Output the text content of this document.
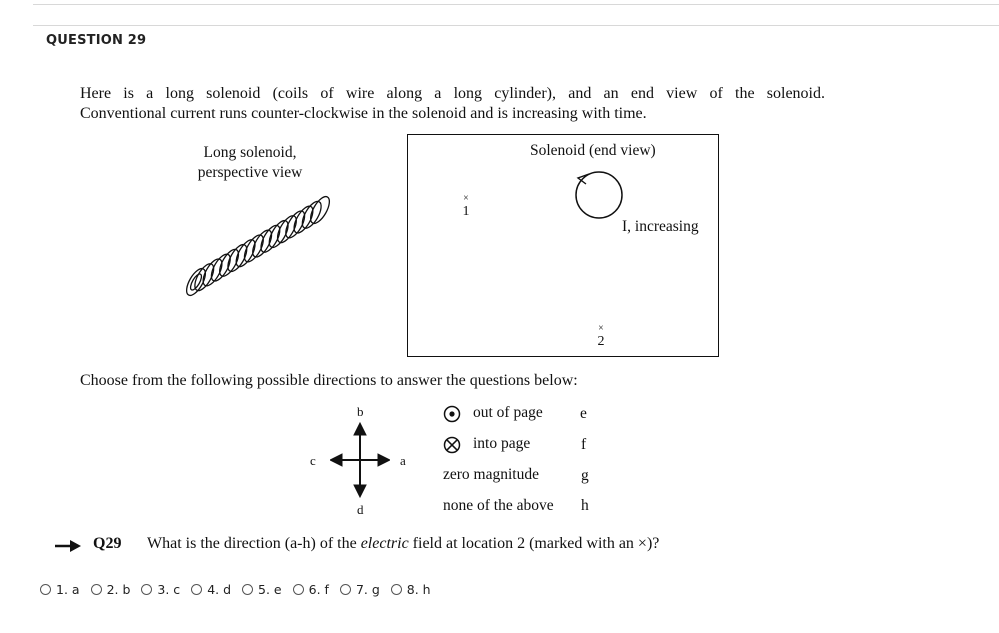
QUESTION 29
Here is a long solenoid (coils of wire along a long cylinder), and an end view of the solenoid.
Conventional current runs counter-clockwise in the solenoid and is increasing with time.
Long solenoid,
perspective view
Solenoid (end view)
I, increasing
×
1
×
2
Choose from the following possible directions to answer the questions below:
b
c	a
d
out of page e
into page	f
zero magnitude	g
none of the above h
Q29 What is the direction (a-h) of the electric field at location 2 (marked with an ×)?
1. a 2. b 3. c 4. d 5. e 6. f 7. g 8. h
